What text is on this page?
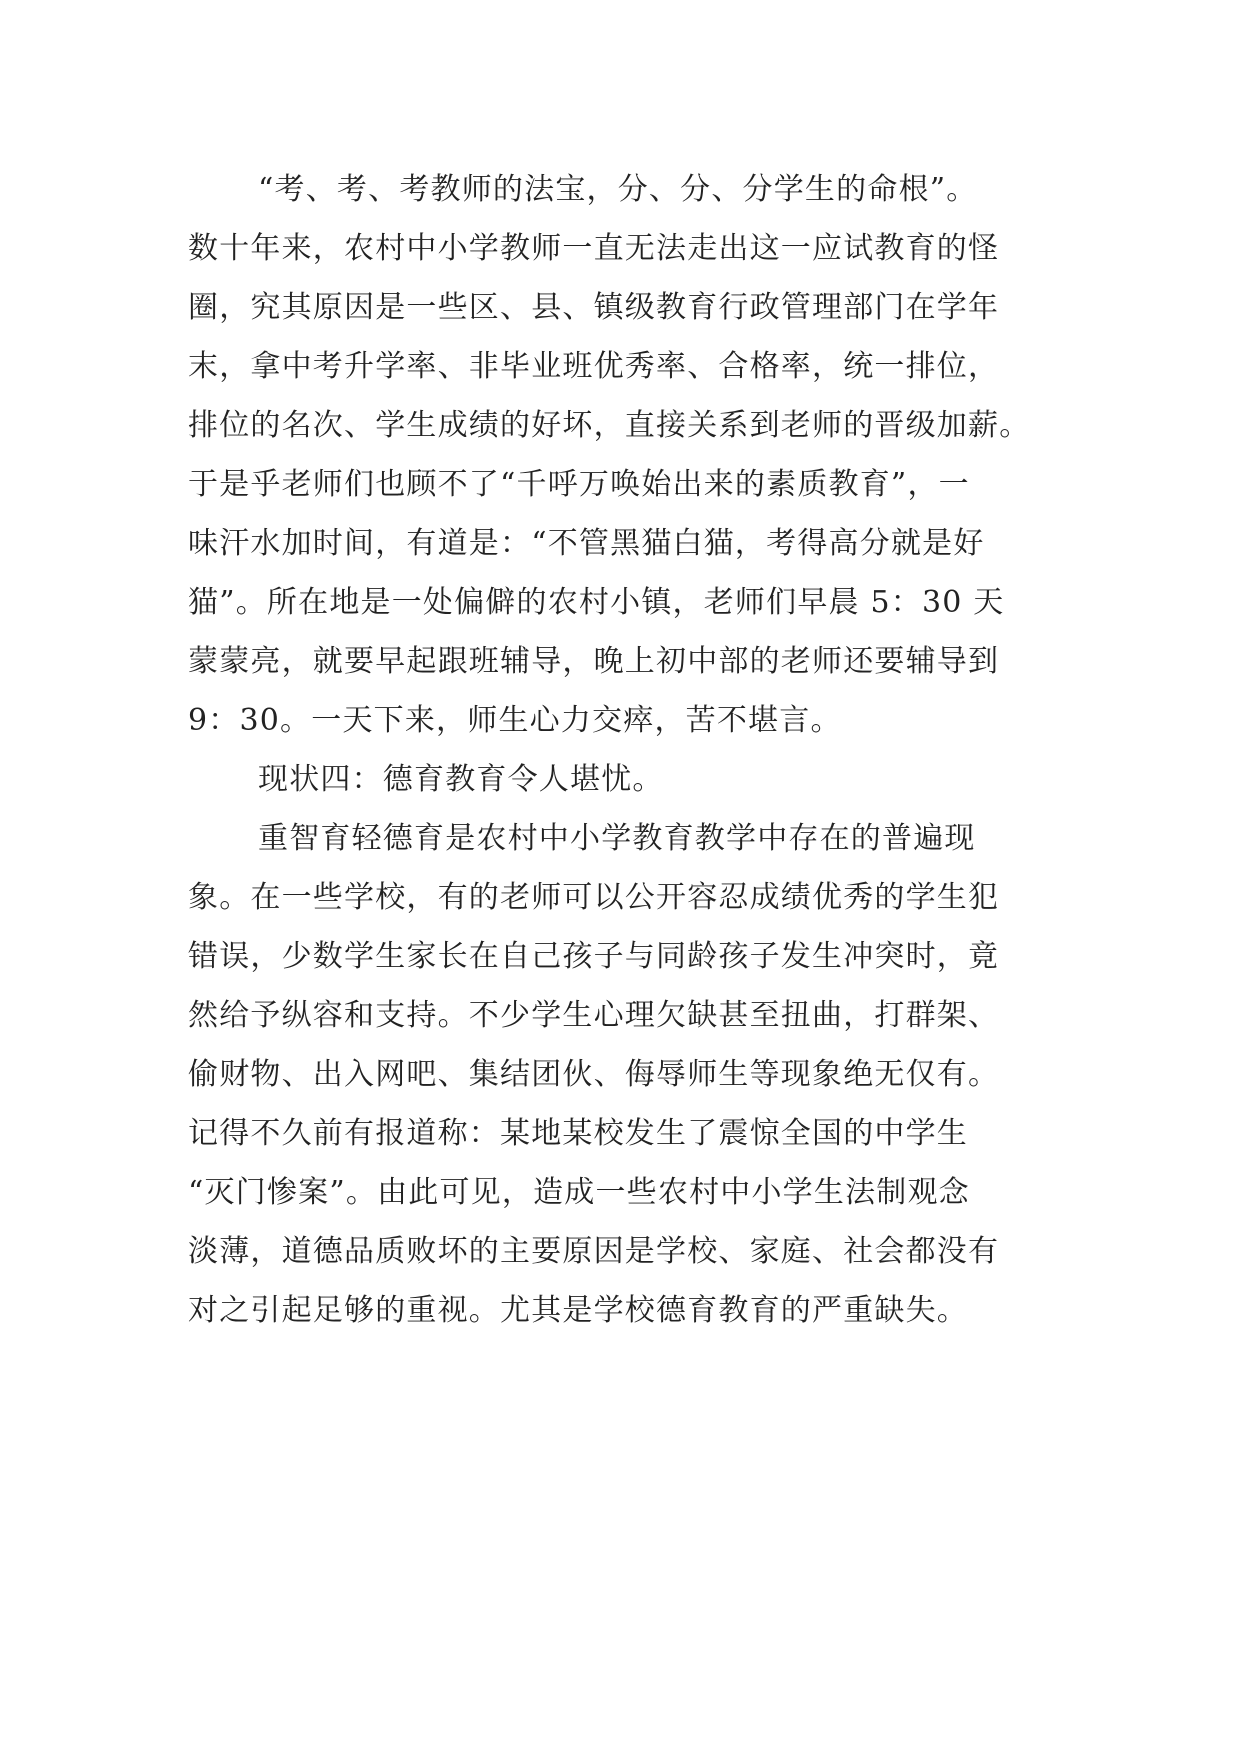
“考、考、考教师的法宝，分、分、分学生的命根”。
数十年来，农村中小学教师一直无法走出这一应试教育的怪
圈，究其原因是一些区、县、镇级教育行政管理部门在学年
末，拿中考升学率、非毕业班优秀率、合格率，统一排位，
排位的名次、学生成绩的好坏，直接关系到老师的晋级加薪。
于是乎老师们也顾不了“千呼万唤始出来的素质教育”，一
味汗水加时间，有道是：“不管黑猫白猫，考得高分就是好
猫”。所在地是一处偏僻的农村小镇，老师们早晨 5：30 天
蒙蒙亮，就要早起跟班辅导，晚上初中部的老师还要辅导到
9：30。一天下来，师生心力交瘁，苦不堪言。
现状四：德育教育令人堪忧。
重智育轻德育是农村中小学教育教学中存在的普遍现
象。在一些学校，有的老师可以公开容忍成绩优秀的学生犯
错误，少数学生家长在自己孩子与同龄孩子发生冲突时，竟
然给予纵容和支持。不少学生心理欠缺甚至扭曲，打群架、
偷财物、出入网吧、集结团伙、侮辱师生等现象绝无仅有。
记得不久前有报道称：某地某校发生了震惊全国的中学生
“灭门惨案”。由此可见，造成一些农村中小学生法制观念
淡薄，道德品质败坏的主要原因是学校、家庭、社会都没有
对之引起足够的重视。尤其是学校德育教育的严重缺失。
